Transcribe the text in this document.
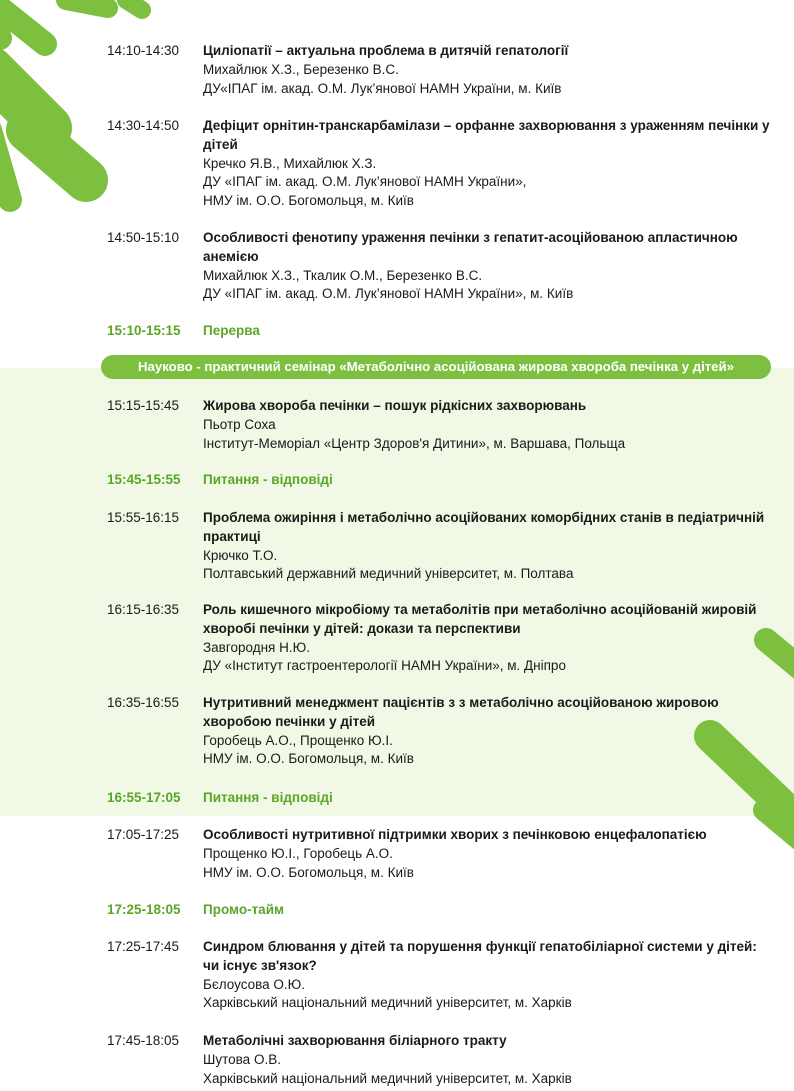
14:10-14:30	Циліопатії – актуальна проблема в дитячій гепатології
Михайлюк Х.З., Березенко В.С.
ДУ«ІПАГ ім. акад. О.М. Лук’янової НАМН України, м. Київ
14:30-14:50	Дефіцит орнітин-транскарбамілази – орфанне захворювання з ураженням печінки у дітей
Кречко Я.В., Михайлюк Х.З.
ДУ «ІПАГ ім. акад. О.М. Лук’янової НАМН України»,
НМУ ім. О.О. Богомольця, м. Київ
14:50-15:10	Особливості фенотипу ураження печінки з гепатит-асоційованою апластичною анемією
Михайлюк Х.З., Ткалик О.М., Березенко В.С.
ДУ «ІПАГ ім. акад. О.М. Лук’янової НАМН України», м. Київ
15:10-15:15	Перерва
Науково - практичний семінар «Метаболічно асоційована жирова хвороба печінка у дітей»
15:15-15:45	Жирова хвороба печінки – пошук рідкісних захворювань
Пьотр Соха
Інститут-Меморіал «Центр Здоров'я Дитини», м. Варшава, Польща
15:45-15:55	Питання - відповіді
15:55-16:15	Проблема ожиріння і метаболічно асоційованих коморбідних станів в педіатричній практиці
Крючко Т.О.
Полтавський державний медичний університет, м. Полтава
16:15-16:35	Роль кишечного мікробіому та метаболітів при метаболічно асоційованій жировій хворобі печінки у дітей: докази та перспективи
Завгородня Н.Ю.
ДУ «Інститут гастроентерології НАМН України», м. Дніпро
16:35-16:55	Нутритивний менеджмент пацієнтів з з метаболічно асоційованою жировою хворобою печінки у дітей
Горобець А.О., Прощенко Ю.І.
НМУ ім. О.О. Богомольця, м. Київ
16:55-17:05	Питання - відповіді
17:05-17:25	Особливості нутритивної підтримки хворих з печінковою енцефалопатією
Прощенко Ю.І., Горобець А.О.
НМУ ім. О.О. Богомольця, м. Київ
17:25-18:05	Промо-тайм
17:25-17:45	Синдром блювання у дітей та порушення функції гепатобіліарної системи у дітей: чи існує зв'язок?
Бєлоусова О.Ю.
Харківський національний медичний університет, м. Харків
17:45-18:05	Метаболічні захворювання біліарного тракту
Шутова О.В.
Харківський національний медичний університет, м. Харків
